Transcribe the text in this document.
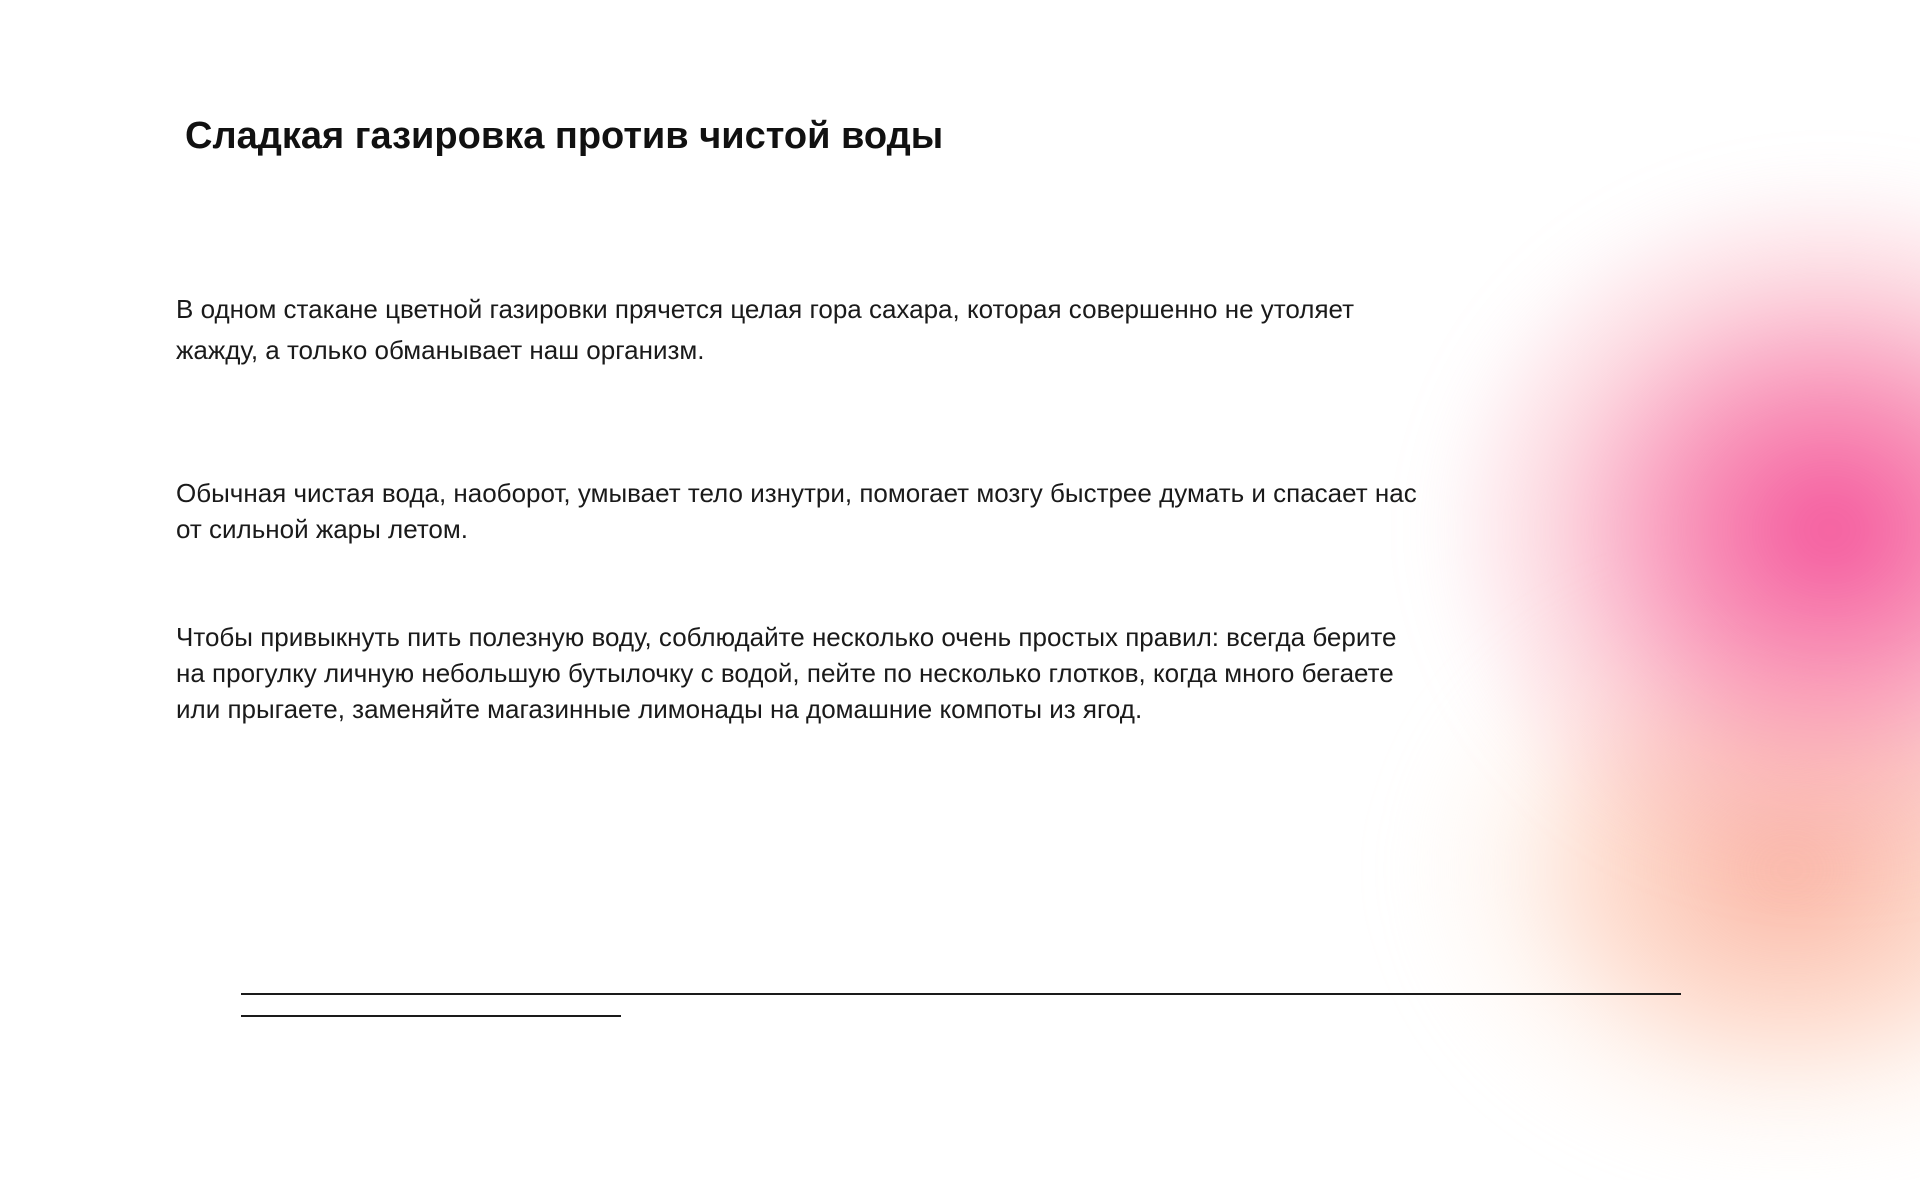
Сладкая газировка против чистой воды

В одном стакане цветной газировки прячется целая гора сахара, которая совершенно не утоляет
жажду, а только обманывает наш организм.

Обычная чистая вода, наоборот, умывает тело изнутри, помогает мозгу быстрее думать и спасает нас
от сильной жары летом.

Чтобы привыкнуть пить полезную воду, соблюдайте несколько очень простых правил: всегда берите
на прогулку личную небольшую бутылочку с водой, пейте по несколько глотков, когда много бегаете
или прыгаете, заменяйте магазинные лимонады на домашние компоты из ягод.
